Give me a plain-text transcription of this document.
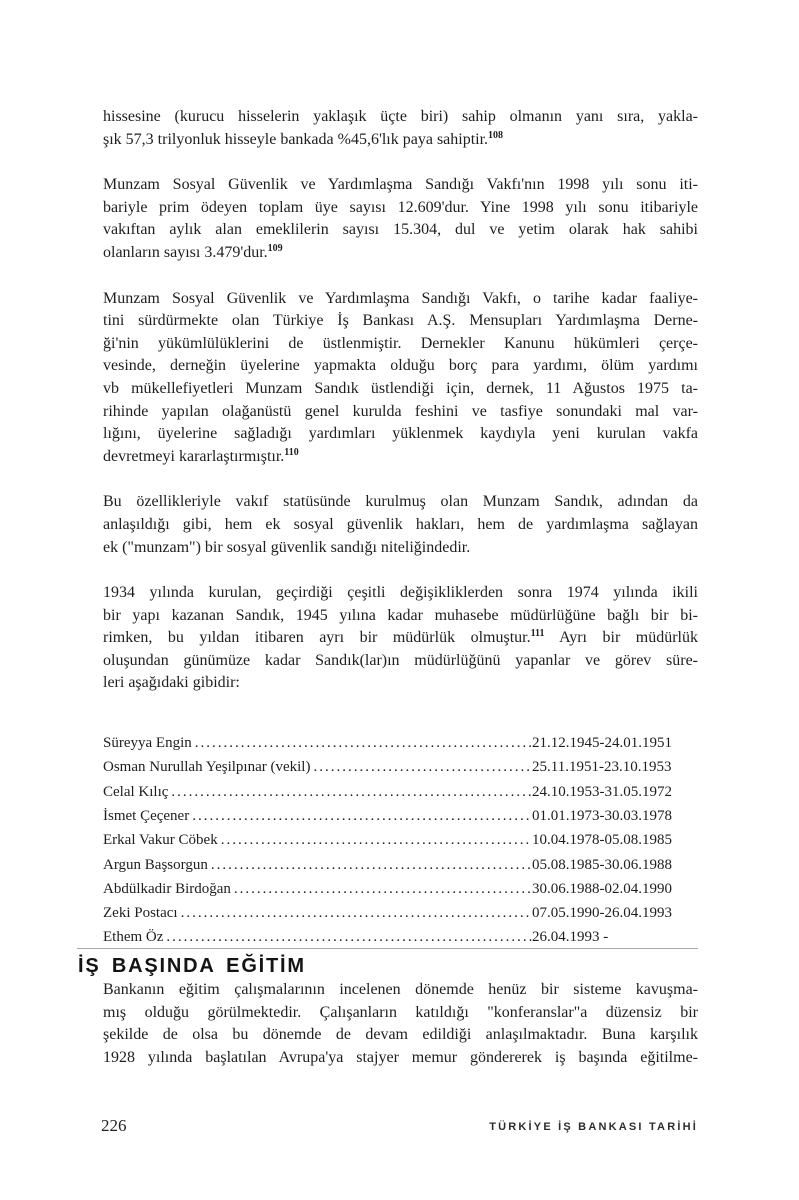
hissesine (kurucu hisselerin yaklaşık üçte biri) sahip olmanın yanı sıra, yakla-
şık 57,3 trilyonluk hisseyle bankada %45,6'lık paya sahiptir.$^{108}$
Munzam Sosyal Güvenlik ve Yardımlaşma Sandığı Vakfı'nın 1998 yılı sonu iti-
bariyle prim ödeyen toplam üye sayısı 12.609'dur. Yine 1998 yılı sonu itibariyle
vakıftan aylık alan emeklilerin sayısı 15.304, dul ve yetim olarak hak sahibi
olanların sayısı 3.479'dur.$^{109}$
Munzam Sosyal Güvenlik ve Yardımlaşma Sandığı Vakfı, o tarihe kadar faaliye-
tini sürdürmekte olan Türkiye İş Bankası A.Ş. Mensupları Yardımlaşma Derne-
ği'nin yükümlülüklerini de üstlenmiştir. Dernekler Kanunu hükümleri çerçe-
vesinde, derneğin üyelerine yapmakta olduğu borç para yardımı, ölüm yardımı
vb mükellefiyetleri Munzam Sandık üstlendiği için, dernek, 11 Ağustos 1975 ta-
rihinde yapılan olağanüstü genel kurulda feshini ve tasfiye sonundaki mal var-
lığını, üyelerine sağladığı yardımları yüklenmek kaydıyla yeni kurulan vakfa
devretmeyi kararlaştırmıştır.$^{110}$
Bu özellikleriyle vakıf statüsünde kurulmuş olan Munzam Sandık, adından da
anlaşıldığı gibi, hem ek sosyal güvenlik hakları, hem de yardımlaşma sağlayan
ek ("munzam") bir sosyal güvenlik sandığı niteliğindedir.
1934 yılında kurulan, geçirdiği çeşitli değişikliklerden sonra 1974 yılında ikili
bir yapı kazanan Sandık, 1945 yılına kadar muhasebe müdürlüğüne bağlı bir bi-
rimken, bu yıldan itibaren ayrı bir müdürlük olmuştur.$^{111}$ Ayrı bir müdürlük
oluşundan günümüze kadar Sandık(lar)ın müdürlüğünü yapanlar ve görev süre-
leri aşağıdaki gibidir:
Süreyya Engin .....	21.12.1945-24.01.1951
Osman Nurullah Yeşilpınar (vekil) .....	25.11.1951-23.10.1953
Celal Kılıç .....	24.10.1953-31.05.1972
İsmet Çeçener .....	01.01.1973-30.03.1978
Erkal Vakur Cöbek .....	10.04.1978-05.08.1985
Argun Başsorgun .....	05.08.1985-30.06.1988
Abdülkadir Birdoğan .....	30.06.1988-02.04.1990
Zeki Postacı .....	07.05.1990-26.04.1993
Ethem Öz .....	26.04.1993 -
İŞ BAŞINDA EĞİTİM
Bankanın eğitim çalışmalarının incelenen dönemde henüz bir sisteme kavuşma-
mış olduğu görülmektedir. Çalışanların katıldığı "konferanslar"a düzensiz bir
şekilde de olsa bu dönemde de devam edildiği anlaşılmaktadır. Buna karşılık
1928 yılında başlatılan Avrupa'ya stajyer memur göndererek iş başında eğitilme-
226	TÜRKİYE İŞ BANKASI TARİHİ
